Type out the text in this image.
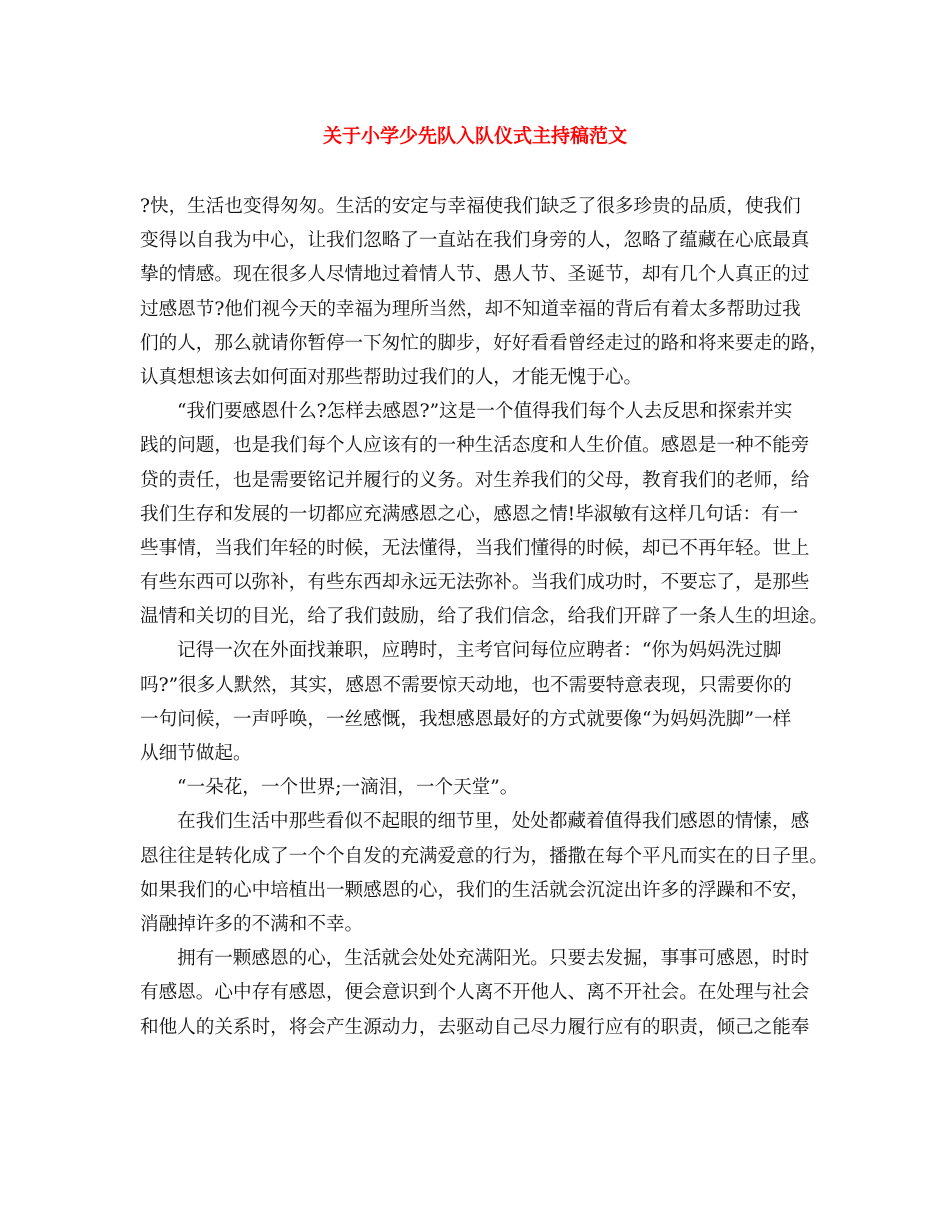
关于小学少先队入队仪式主持稿范文
?快，生活也变得匆匆。生活的安定与幸福使我们缺乏了很多珍贵的品质，使我们
变得以自我为中心，让我们忽略了一直站在我们身旁的人，忽略了蕴藏在心底最真
挚的情感。现在很多人尽情地过着情人节、愚人节、圣诞节，却有几个人真正的过
过感恩节?他们视今天的幸福为理所当然，却不知道幸福的背后有着太多帮助过我
们的人，那么就请你暂停一下匆忙的脚步，好好看看曾经走过的路和将来要走的路，
认真想想该去如何面对那些帮助过我们的人，才能无愧于心。
“我们要感恩什么?怎样去感恩?”这是一个值得我们每个人去反思和探索并实
践的问题，也是我们每个人应该有的一种生活态度和人生价值。感恩是一种不能旁
贷的责任，也是需要铭记并履行的义务。对生养我们的父母，教育我们的老师，给
我们生存和发展的一切都应充满感恩之心，感恩之情!毕淑敏有这样几句话：有一
些事情，当我们年轻的时候，无法懂得，当我们懂得的时候，却已不再年轻。世上
有些东西可以弥补，有些东西却永远无法弥补。当我们成功时，不要忘了，是那些
温情和关切的目光，给了我们鼓励，给了我们信念，给我们开辟了一条人生的坦途。
记得一次在外面找兼职，应聘时，主考官问每位应聘者：“你为妈妈洗过脚
吗?”很多人默然，其实，感恩不需要惊天动地，也不需要特意表现，只需要你的
一句问候，一声呼唤，一丝感慨，我想感恩最好的方式就要像“为妈妈洗脚”一样
从细节做起。
“一朵花，一个世界;一滴泪，一个天堂”。
在我们生活中那些看似不起眼的细节里，处处都藏着值得我们感恩的情愫，感
恩往往是转化成了一个个自发的充满爱意的行为，播撒在每个平凡而实在的日子里。
如果我们的心中培植出一颗感恩的心，我们的生活就会沉淀出许多的浮躁和不安，
消融掉许多的不满和不幸。
拥有一颗感恩的心，生活就会处处充满阳光。只要去发掘，事事可感恩，时时
有感恩。心中存有感恩，便会意识到个人离不开他人、离不开社会。在处理与社会
和他人的关系时，将会产生源动力，去驱动自己尽力履行应有的职责，倾己之能奉
